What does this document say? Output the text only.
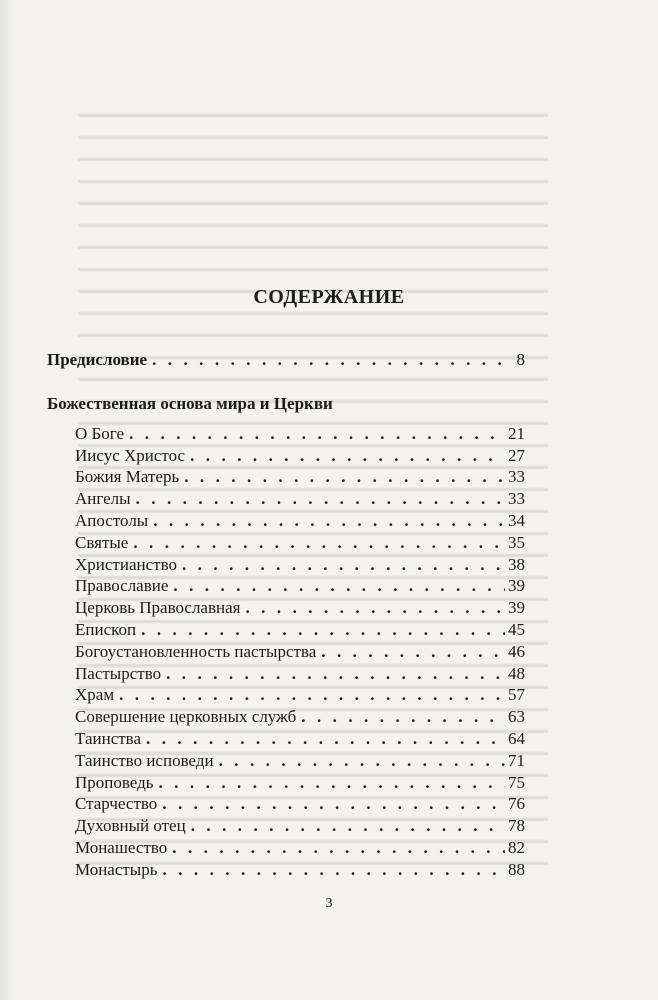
СОДЕРЖАНИЕ
Предисловие . . .	8
Божественная основа мира и Церкви
О Боге . . .	21
Иисус Христос . . .	27
Божия Матерь . . .	33
Ангелы . . .	33
Апостолы . . .	34
Святые . . .	35
Христианство . . .	38
Православие . . .	39
Церковь Православная . . .	39
Епископ . . .	45
Богоустановленность пастырства . . .	46
Пастырство . . .	48
Храм . . .	57
Совершение церковных служб . . .	63
Таинства . . .	64
Таинство исповеди . . .	71
Проповедь . . .	75
Старчество . . .	76
Духовный отец . . .	78
Монашество . . .	82
Монастырь . . .	88
3
